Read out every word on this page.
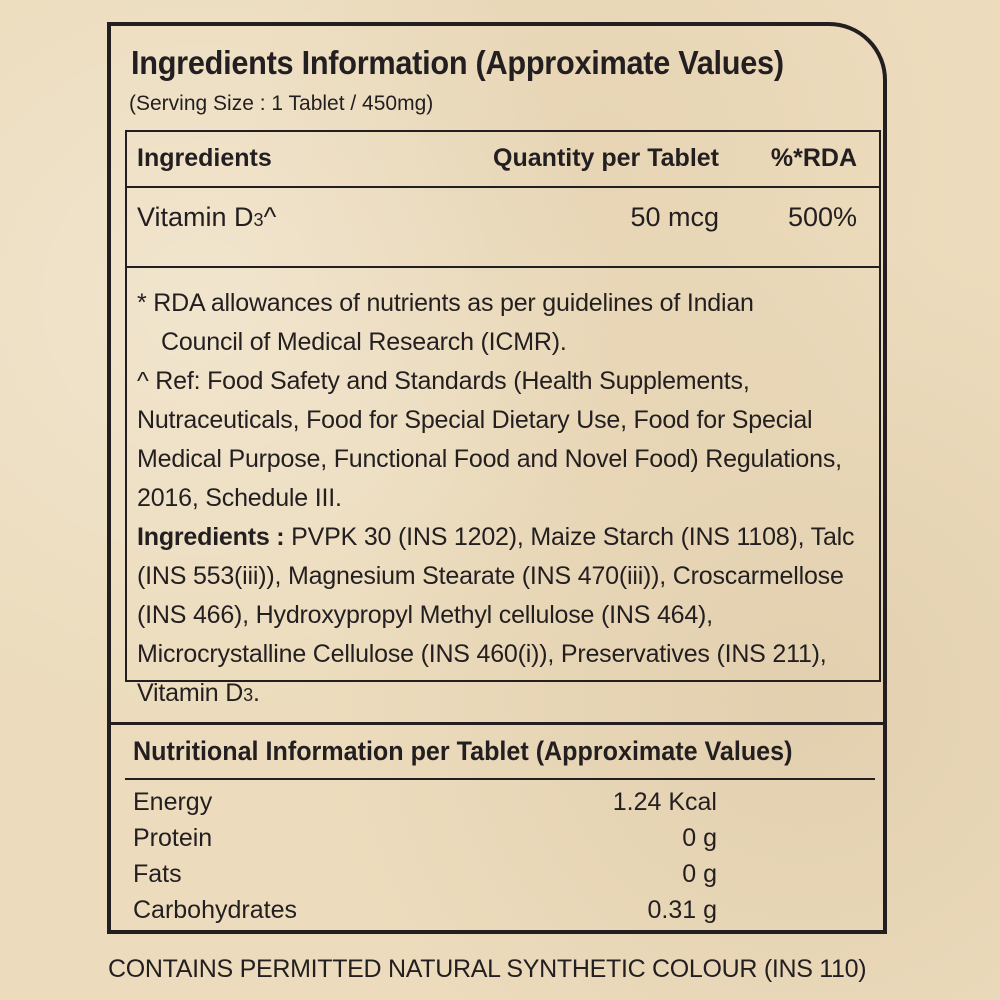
Ingredients Information (Approximate Values)
(Serving Size : 1 Tablet / 450mg)
Ingredients	Quantity per Tablet %*RDA
Vitamin D3^	50 mcg	500%

* RDA allowances of nutrients as per guidelines of Indian

Council of Medical Research (ICMR).

^ Ref: Food Safety and Standards (Health Supplements,

Nutraceuticals, Food for Special Dietary Use, Food for Special

Medical Purpose, Functional Food and Novel Food) Regulations,

2016, Schedule III.

Ingredients : PVPK 30 (INS 1202), Maize Starch (INS 1108), Talc

(INS 553(iii)), Magnesium Stearate (INS 470(iii)), Croscarmellose

(INS 466), Hydroxypropyl Methyl cellulose (INS 464),

Microcrystalline Cellulose (INS 460(i)), Preservatives (INS 211),

Vitamin D3.

Nutritional Information per Tablet (Approximate Values)
Energy	1.24 Kcal
Protein	0 g
Fats	0 g
Carbohydrates	0.31 g
CONTAINS PERMITTED NATURAL SYNTHETIC COLOUR (INS 110)
